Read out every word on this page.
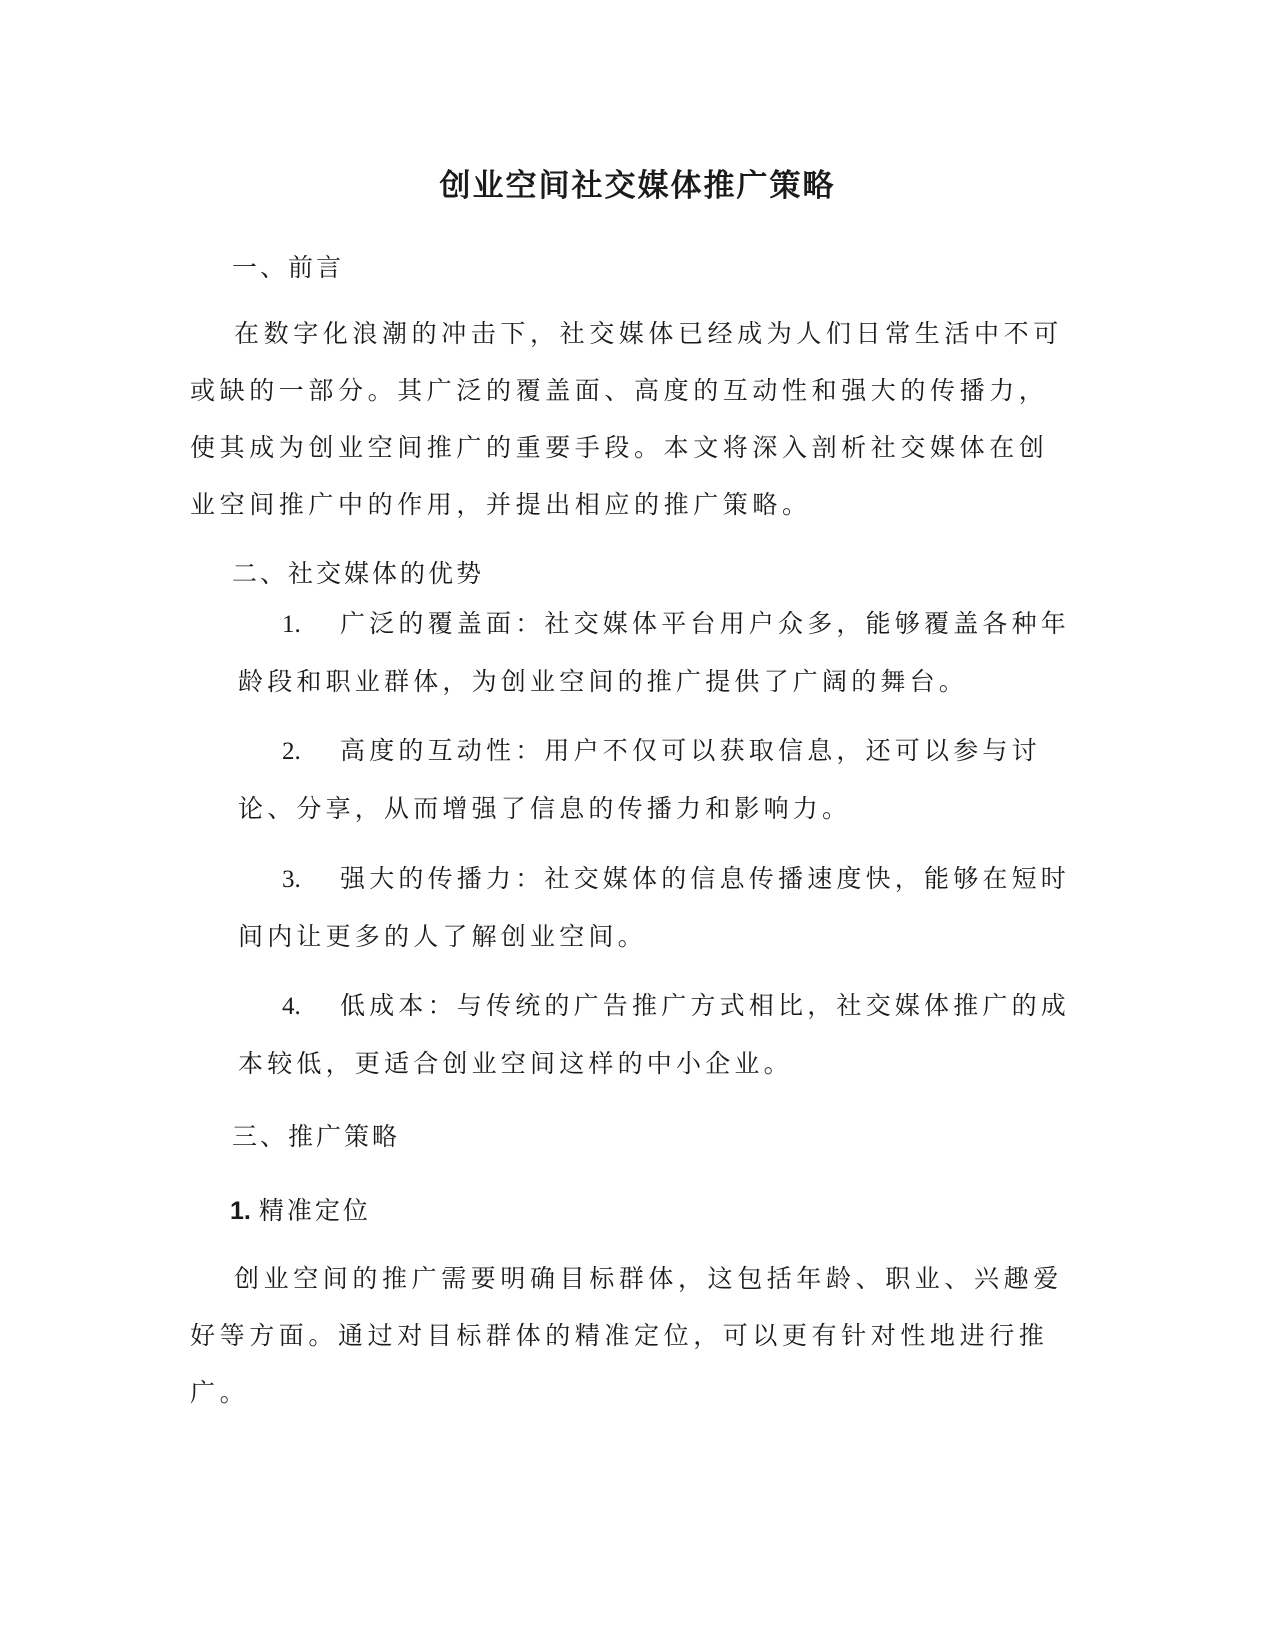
创业空间社交媒体推广策略
一、前言
在数字化浪潮的冲击下，社交媒体已经成为人们日常生活中不可或缺的一部分。其广泛的覆盖面、高度的互动性和强大的传播力，使其成为创业空间推广的重要手段。本文将深入剖析社交媒体在创业空间推广中的作用，并提出相应的推广策略。
二、社交媒体的优势
1. 广泛的覆盖面：社交媒体平台用户众多，能够覆盖各种年龄段和职业群体，为创业空间的推广提供了广阔的舞台。
2. 高度的互动性：用户不仅可以获取信息，还可以参与讨论、分享，从而增强了信息的传播力和影响力。
3. 强大的传播力：社交媒体的信息传播速度快，能够在短时间内让更多的人了解创业空间。
4. 低成本：与传统的广告推广方式相比，社交媒体推广的成本较低，更适合创业空间这样的中小企业。
三、推广策略
1. 精准定位
创业空间的推广需要明确目标群体，这包括年龄、职业、兴趣爱好等方面。通过对目标群体的精准定位，可以更有针对性地进行推广。
